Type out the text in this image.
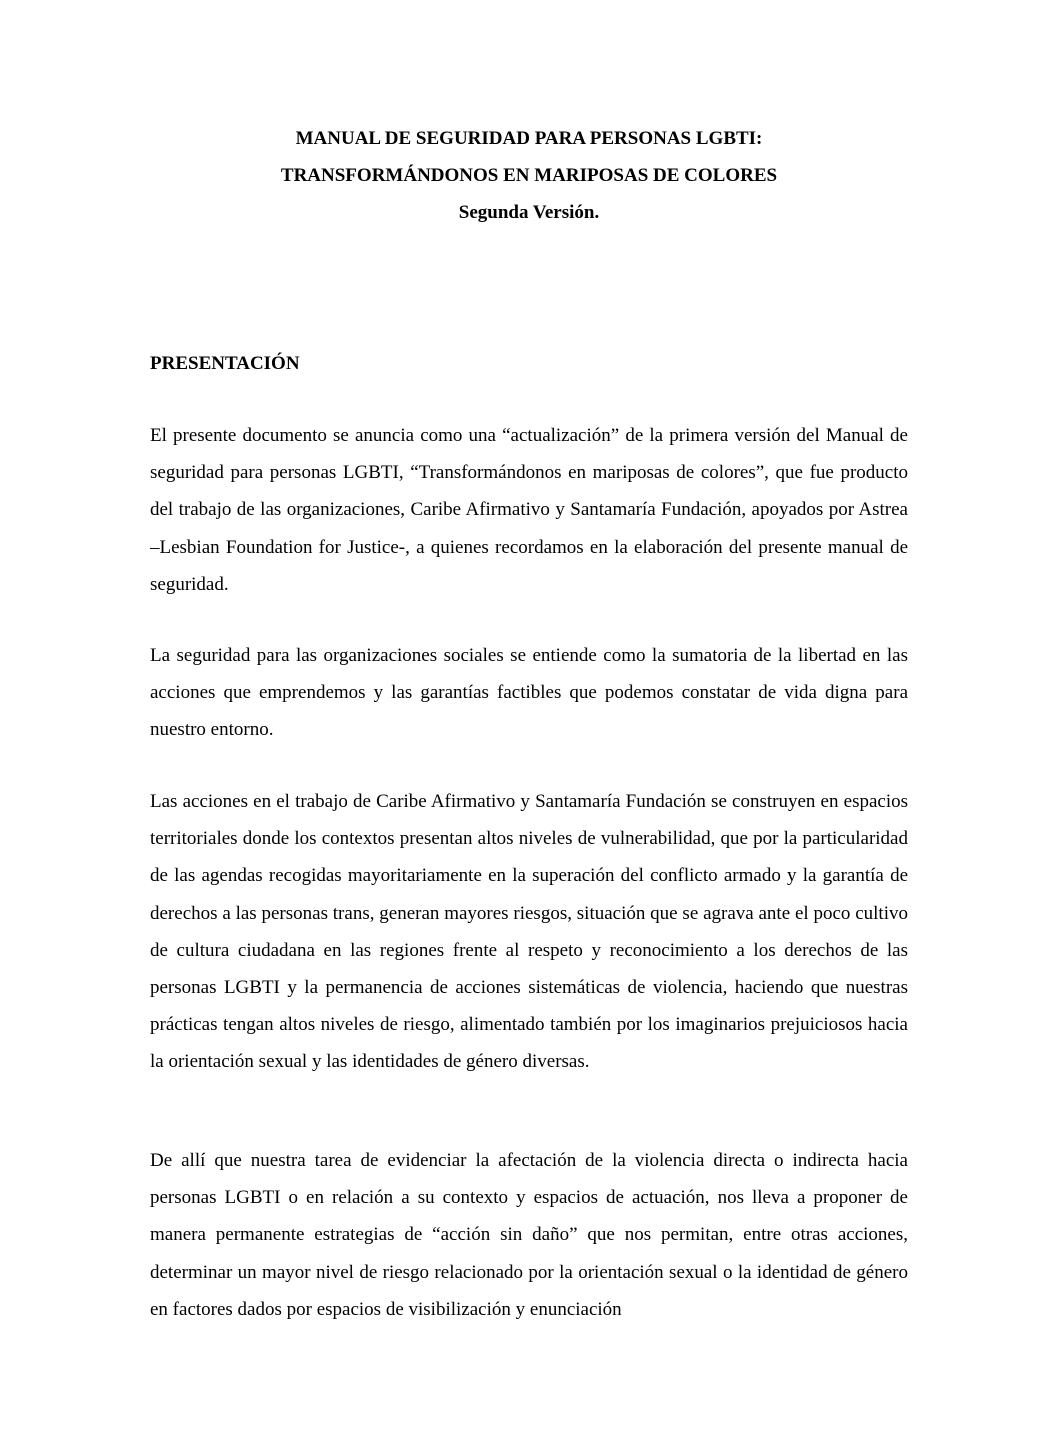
MANUAL DE SEGURIDAD PARA PERSONAS LGBTI:
TRANSFORMÁNDONOS EN MARIPOSAS DE COLORES
Segunda Versión.
PRESENTACIÓN

El presente documento se anuncia como una “actualización” de la primera versión del Manual de seguridad para personas LGBTI, “Transformándonos en mariposas de colores”, que fue producto del trabajo de las organizaciones, Caribe Afirmativo y Santamaría Fundación, apoyados por Astrea –Lesbian Foundation for Justice-, a quienes recordamos en la elaboración del presente manual de seguridad.

La seguridad para las organizaciones sociales se entiende como la sumatoria de la libertad en las acciones que emprendemos y las garantías factibles que podemos constatar de vida digna para nuestro entorno.

Las acciones en el trabajo de Caribe Afirmativo y Santamaría Fundación se construyen en espacios territoriales donde los contextos presentan altos niveles de vulnerabilidad, que por la particularidad de las agendas recogidas mayoritariamente en la superación del conflicto armado y la garantía de derechos a las personas trans, generan mayores riesgos, situación que se agrava ante el poco cultivo de cultura ciudadana en las regiones frente al respeto y reconocimiento a los derechos de las personas LGBTI y la permanencia de acciones sistemáticas de violencia, haciendo que nuestras prácticas tengan altos niveles de riesgo, alimentado también por los imaginarios prejuiciosos hacia la orientación sexual y las identidades de género diversas.

De allí que nuestra tarea de evidenciar la afectación de la violencia directa o indirecta hacia personas LGBTI o en relación a su contexto y espacios de actuación, nos lleva a proponer de manera permanente estrategias de “acción sin daño” que nos permitan, entre otras acciones, determinar un mayor nivel de riesgo relacionado por la orientación sexual o la identidad de género en factores dados por espacios de visibilización y enunciación
